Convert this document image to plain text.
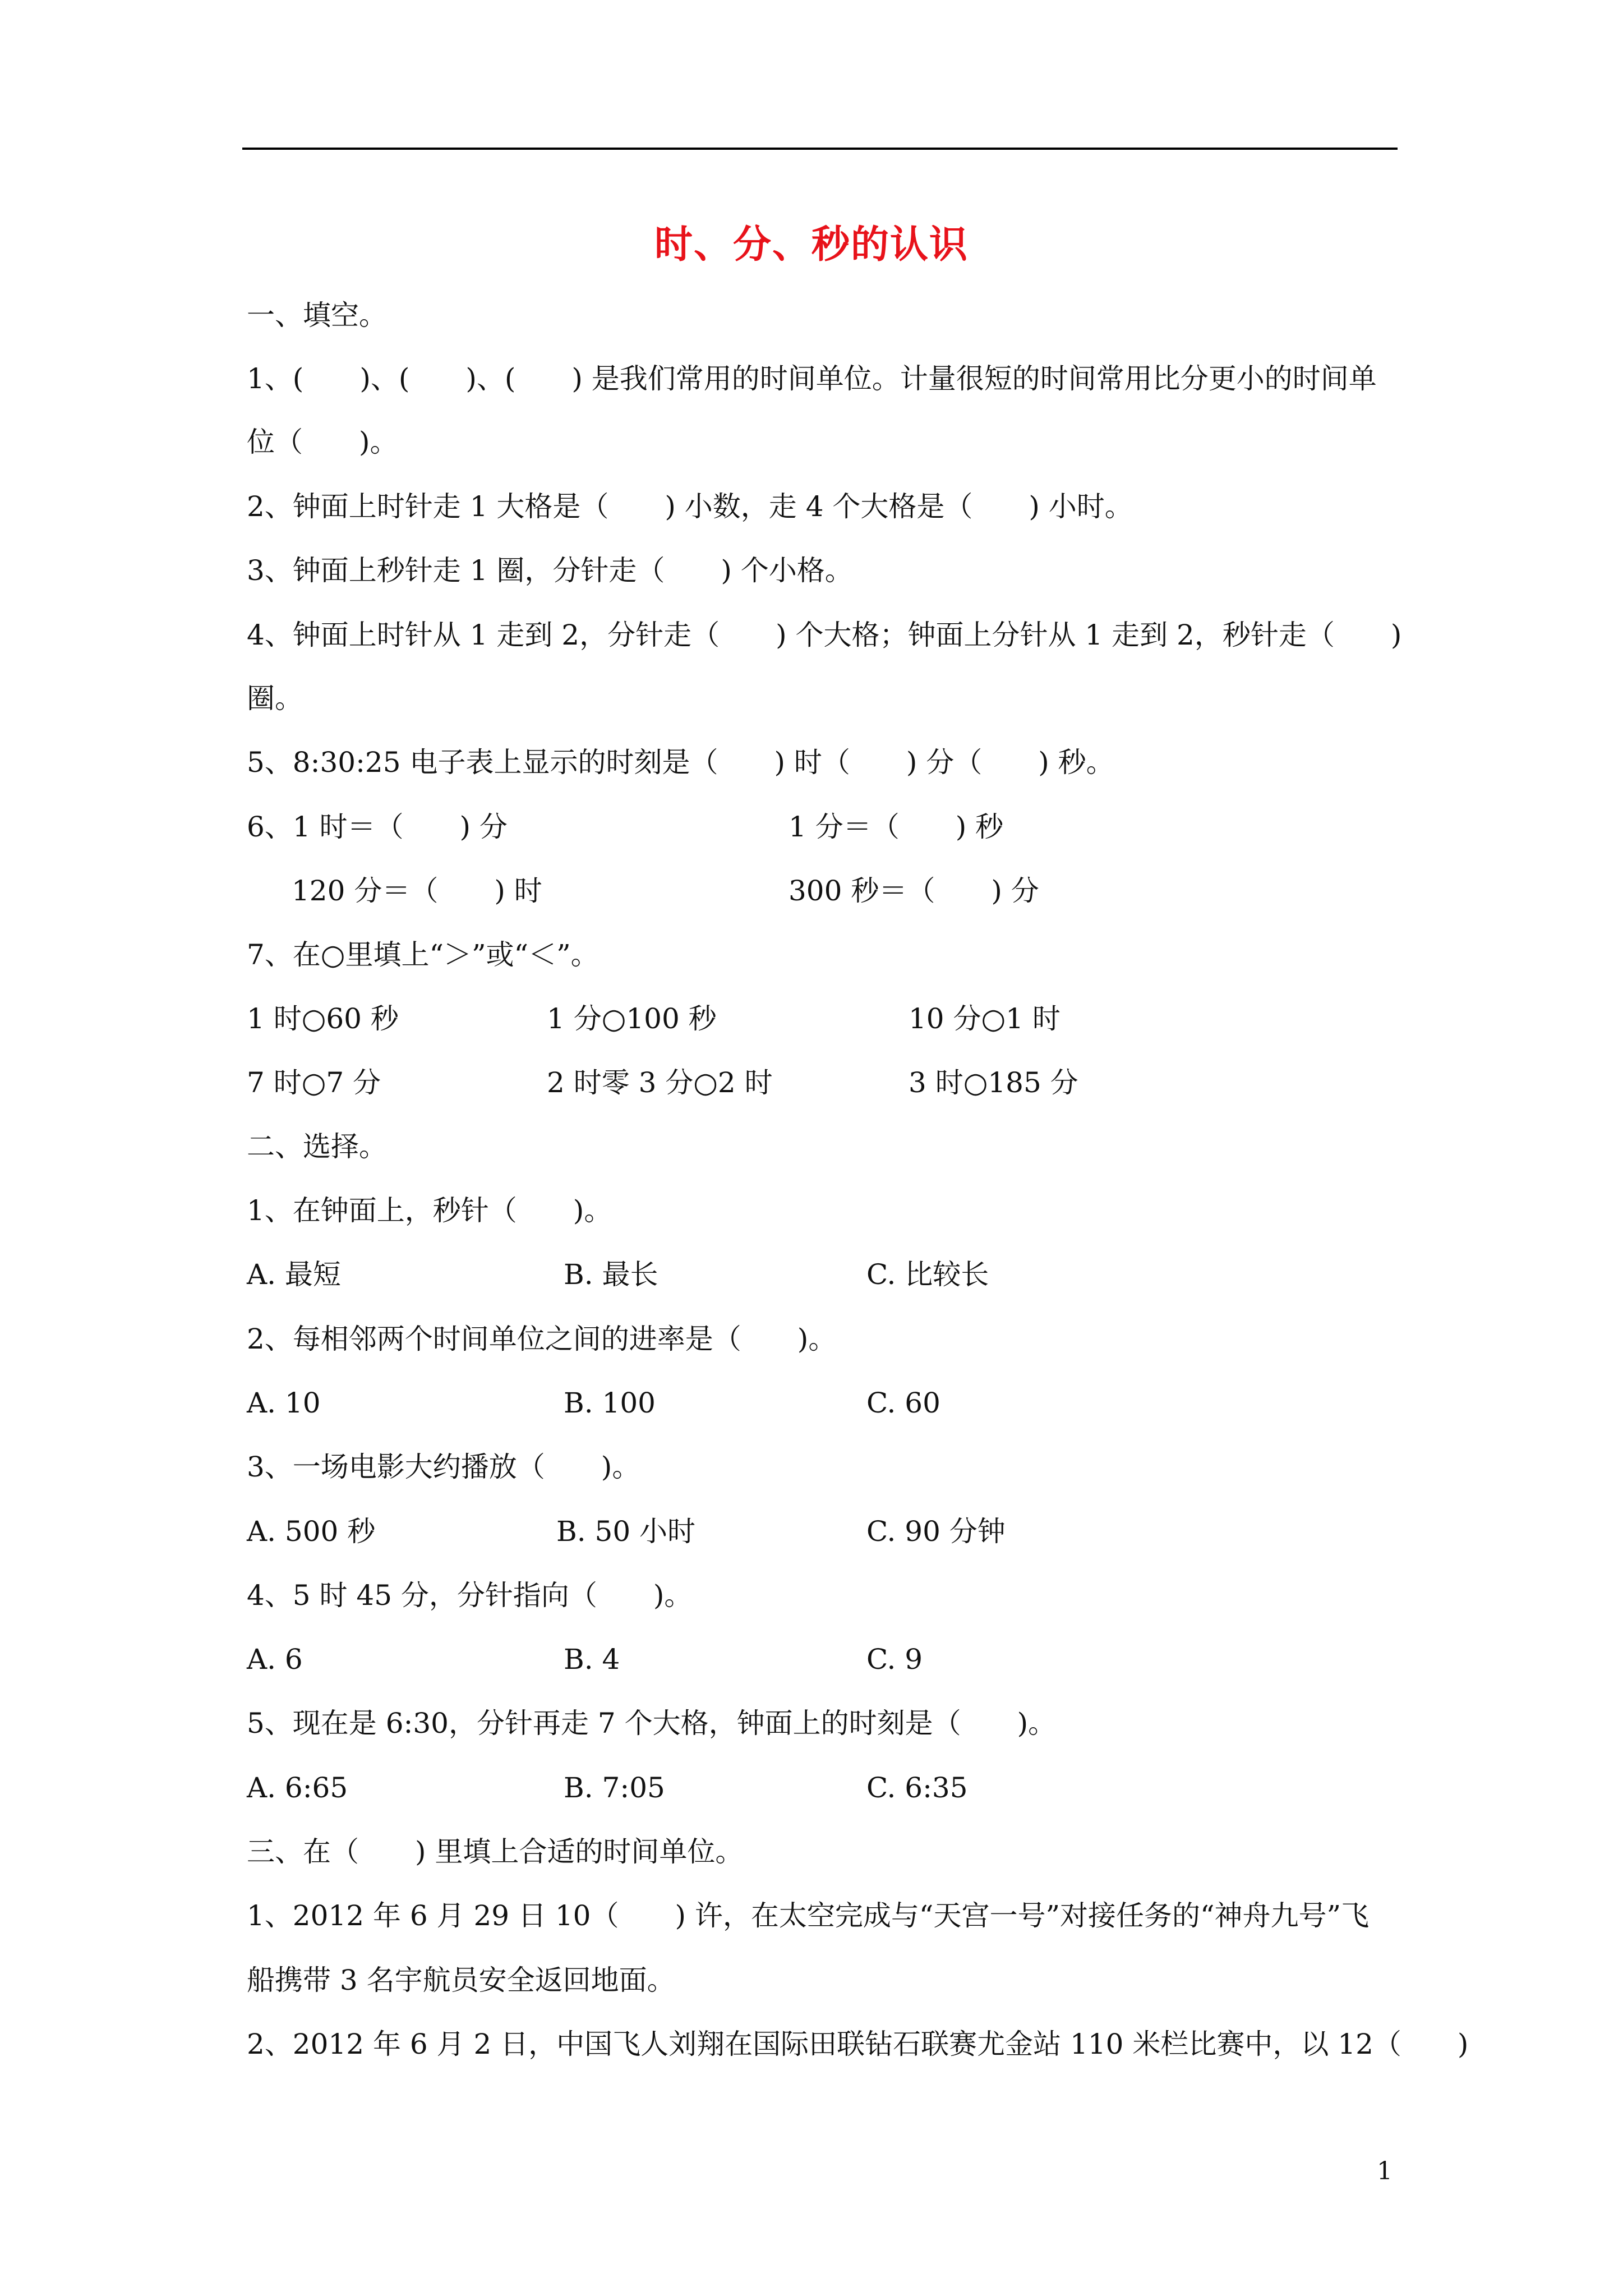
时、分、秒的认识
一、填空。
1、(　　)、(　　)、(　　) 是我们常用的时间单位。计量很短的时间常用比分更小的时间单
位（　　)。
2、钟面上时针走 1 大格是（　　) 小数，走 4 个大格是（　　) 小时。
3、钟面上秒针走 1 圈，分针走（　　) 个小格。
4、钟面上时针从 1 走到 2，分针走（　　) 个大格；钟面上分针从 1 走到 2，秒针走（　　)
圈。
5、8:30:25 电子表上显示的时刻是（　　) 时（　　) 分（　　) 秒。
6、1 时＝（　　) 分	1 分＝（　　) 秒
120 分＝（　　) 时	300 秒＝（　　) 分
7、在○里填上“＞”或“＜”。
1 时○60 秒	1 分○100 秒	10 分○1 时
7 时○7 分	2 时零 3 分○2 时	3 时○185 分
二、选择。
1、在钟面上，秒针（　　)。
A. 最短	B. 最长	C. 比较长
2、每相邻两个时间单位之间的进率是（　　)。
A. 10	B. 100	C. 60
3、一场电影大约播放（　　)。
A. 500 秒	B. 50 小时	C. 90 分钟
4、5 时 45 分，分针指向（　　)。
A. 6	B. 4	C. 9
5、现在是 6:30，分针再走 7 个大格，钟面上的时刻是（　　)。
A. 6:65	B. 7:05	C. 6:35
三、在（　　) 里填上合适的时间单位。
1、2012 年 6 月 29 日 10（　　) 许，在太空完成与“天宫一号”对接任务的“神舟九号”飞
船携带 3 名宇航员安全返回地面。
2、2012 年 6 月 2 日，中国飞人刘翔在国际田联钻石联赛尤金站 110 米栏比赛中，以 12（　　)
1
